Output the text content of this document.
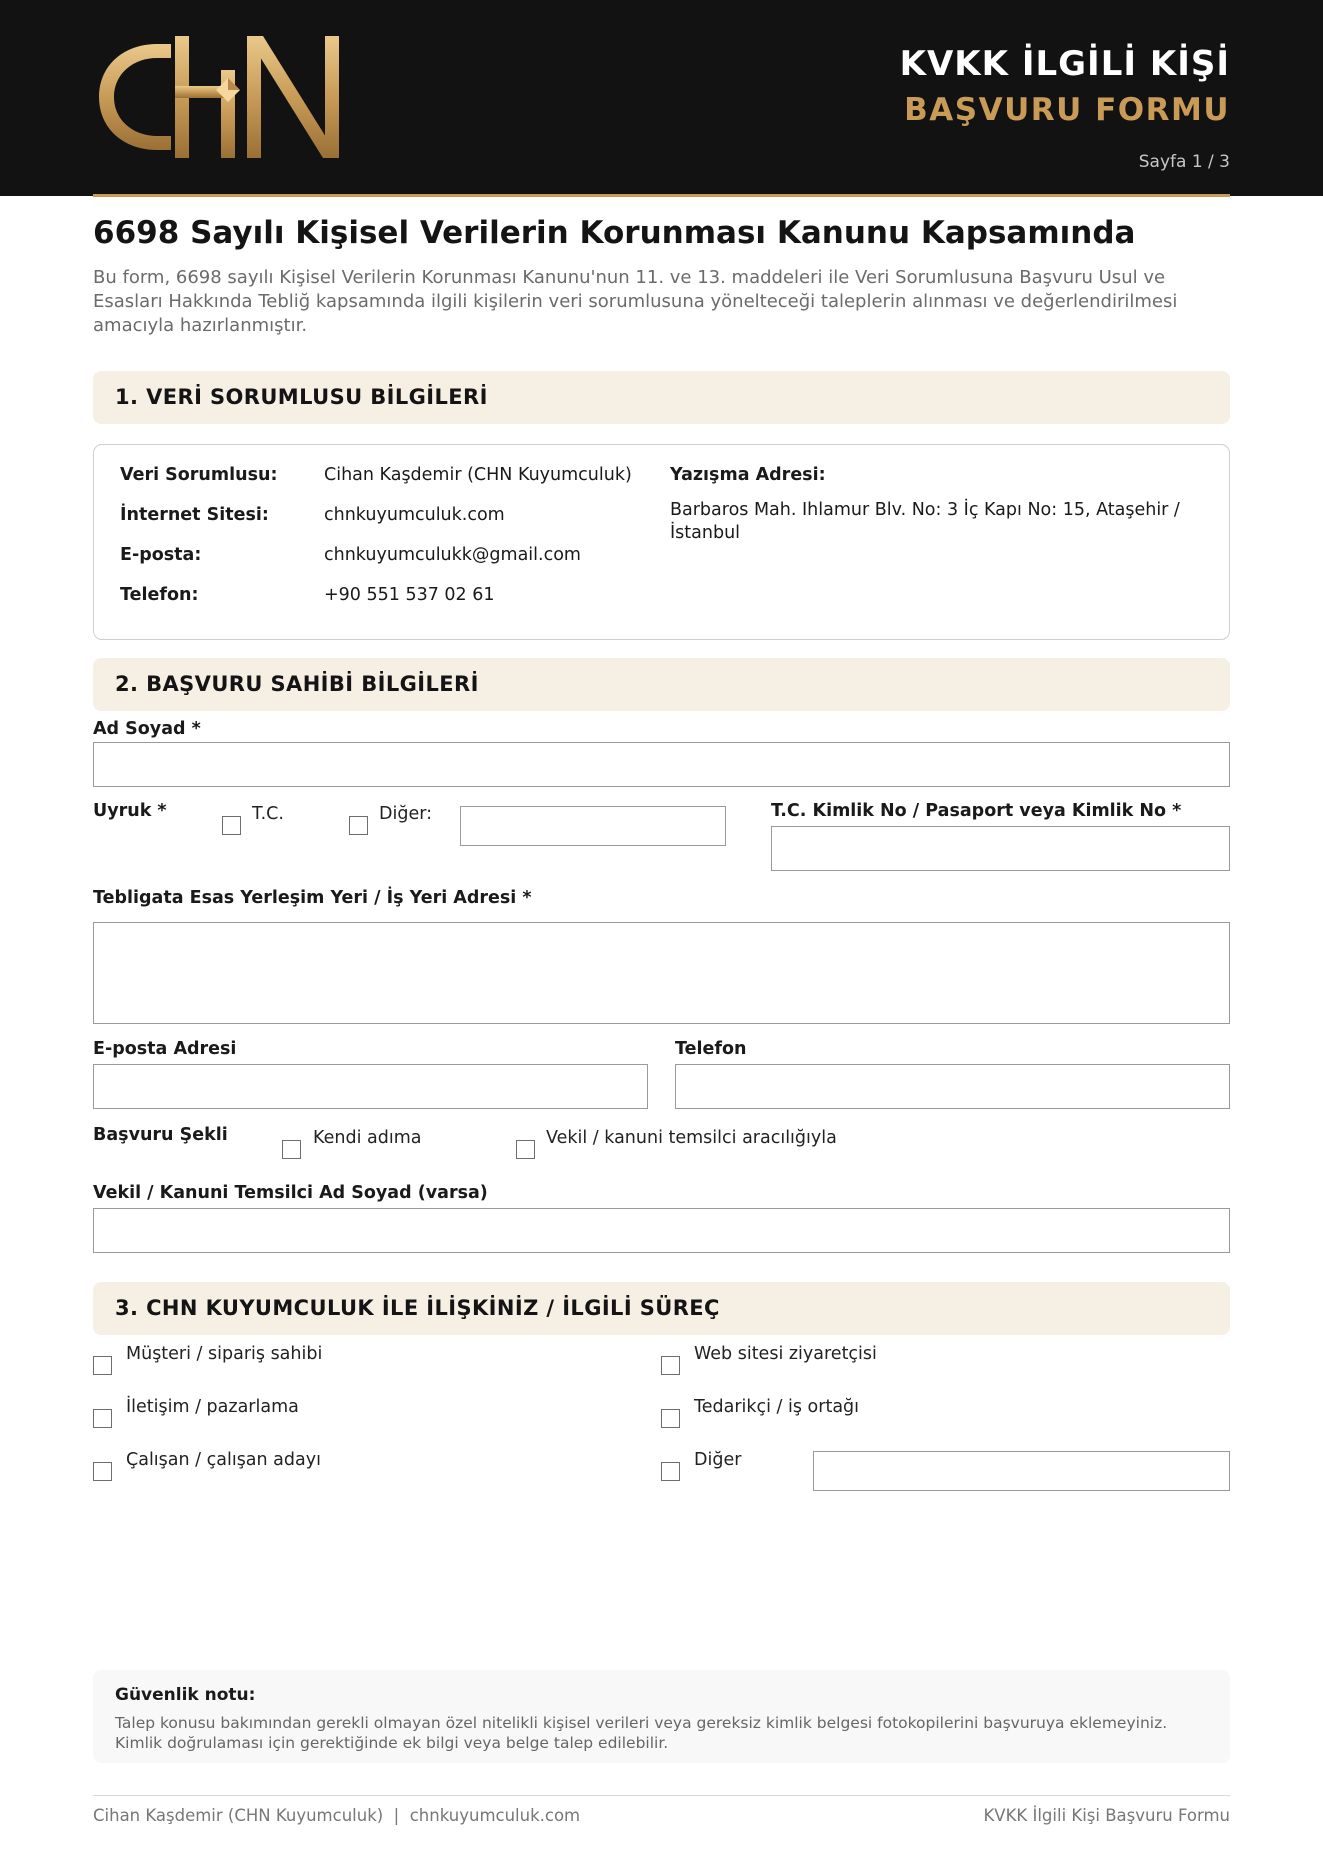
KVKK İLGİLİ KİŞİ
BAŞVURU FORMU
Sayfa 1 / 3
6698 Sayılı Kişisel Verilerin Korunması Kanunu Kapsamında
Bu form, 6698 sayılı Kişisel Verilerin Korunması Kanunu'nun 11. ve 13. maddeleri ile Veri Sorumlusuna Başvuru Usul ve Esasları Hakkında Tebliğ kapsamında ilgili kişilerin veri sorumlusuna yönelteceği taleplerin alınması ve değerlendirilmesi amacıyla hazırlanmıştır.
1. VERİ SORUMLUSU BİLGİLERİ
Veri Sorumlusu:	Cihan Kaşdemir (CHN Kuyumculuk)
İnternet Sitesi:	chnkuyumculuk.com
E-posta:	chnkuyumculukk@gmail.com
Telefon:	+90 551 537 02 61
Yazışma Adresi:
Barbaros Mah. Ihlamur Blv. No: 3 İç Kapı No: 15, Ataşehir / İstanbul
2. BAŞVURU SAHİBİ BİLGİLERİ
Ad Soyad *
Uyruk *	T.C.	Diğer:	T.C. Kimlik No / Pasaport veya Kimlik No *
Tebligata Esas Yerleşim Yeri / İş Yeri Adresi *
E-posta Adresi	Telefon
Başvuru Şekli	Kendi adıma	Vekil / kanuni temsilci aracılığıyla
Vekil / Kanuni Temsilci Ad Soyad (varsa)
3. CHN KUYUMCULUK İLE İLİŞKİNİZ / İLGİLİ SÜREÇ
Müşteri / sipariş sahibi
İletişim / pazarlama
Çalışan / çalışan adayı
Web sitesi ziyaretçisi
Tedarikçi / iş ortağı
Diğer
Güvenlik notu:
Talep konusu bakımından gerekli olmayan özel nitelikli kişisel verileri veya gereksiz kimlik belgesi fotokopilerini başvuruya eklemeyiniz. Kimlik doğrulaması için gerektiğinde ek bilgi veya belge talep edilebilir.
Cihan Kaşdemir (CHN Kuyumculuk)  |  chnkuyumculuk.com	KVKK İlgili Kişi Başvuru Formu
